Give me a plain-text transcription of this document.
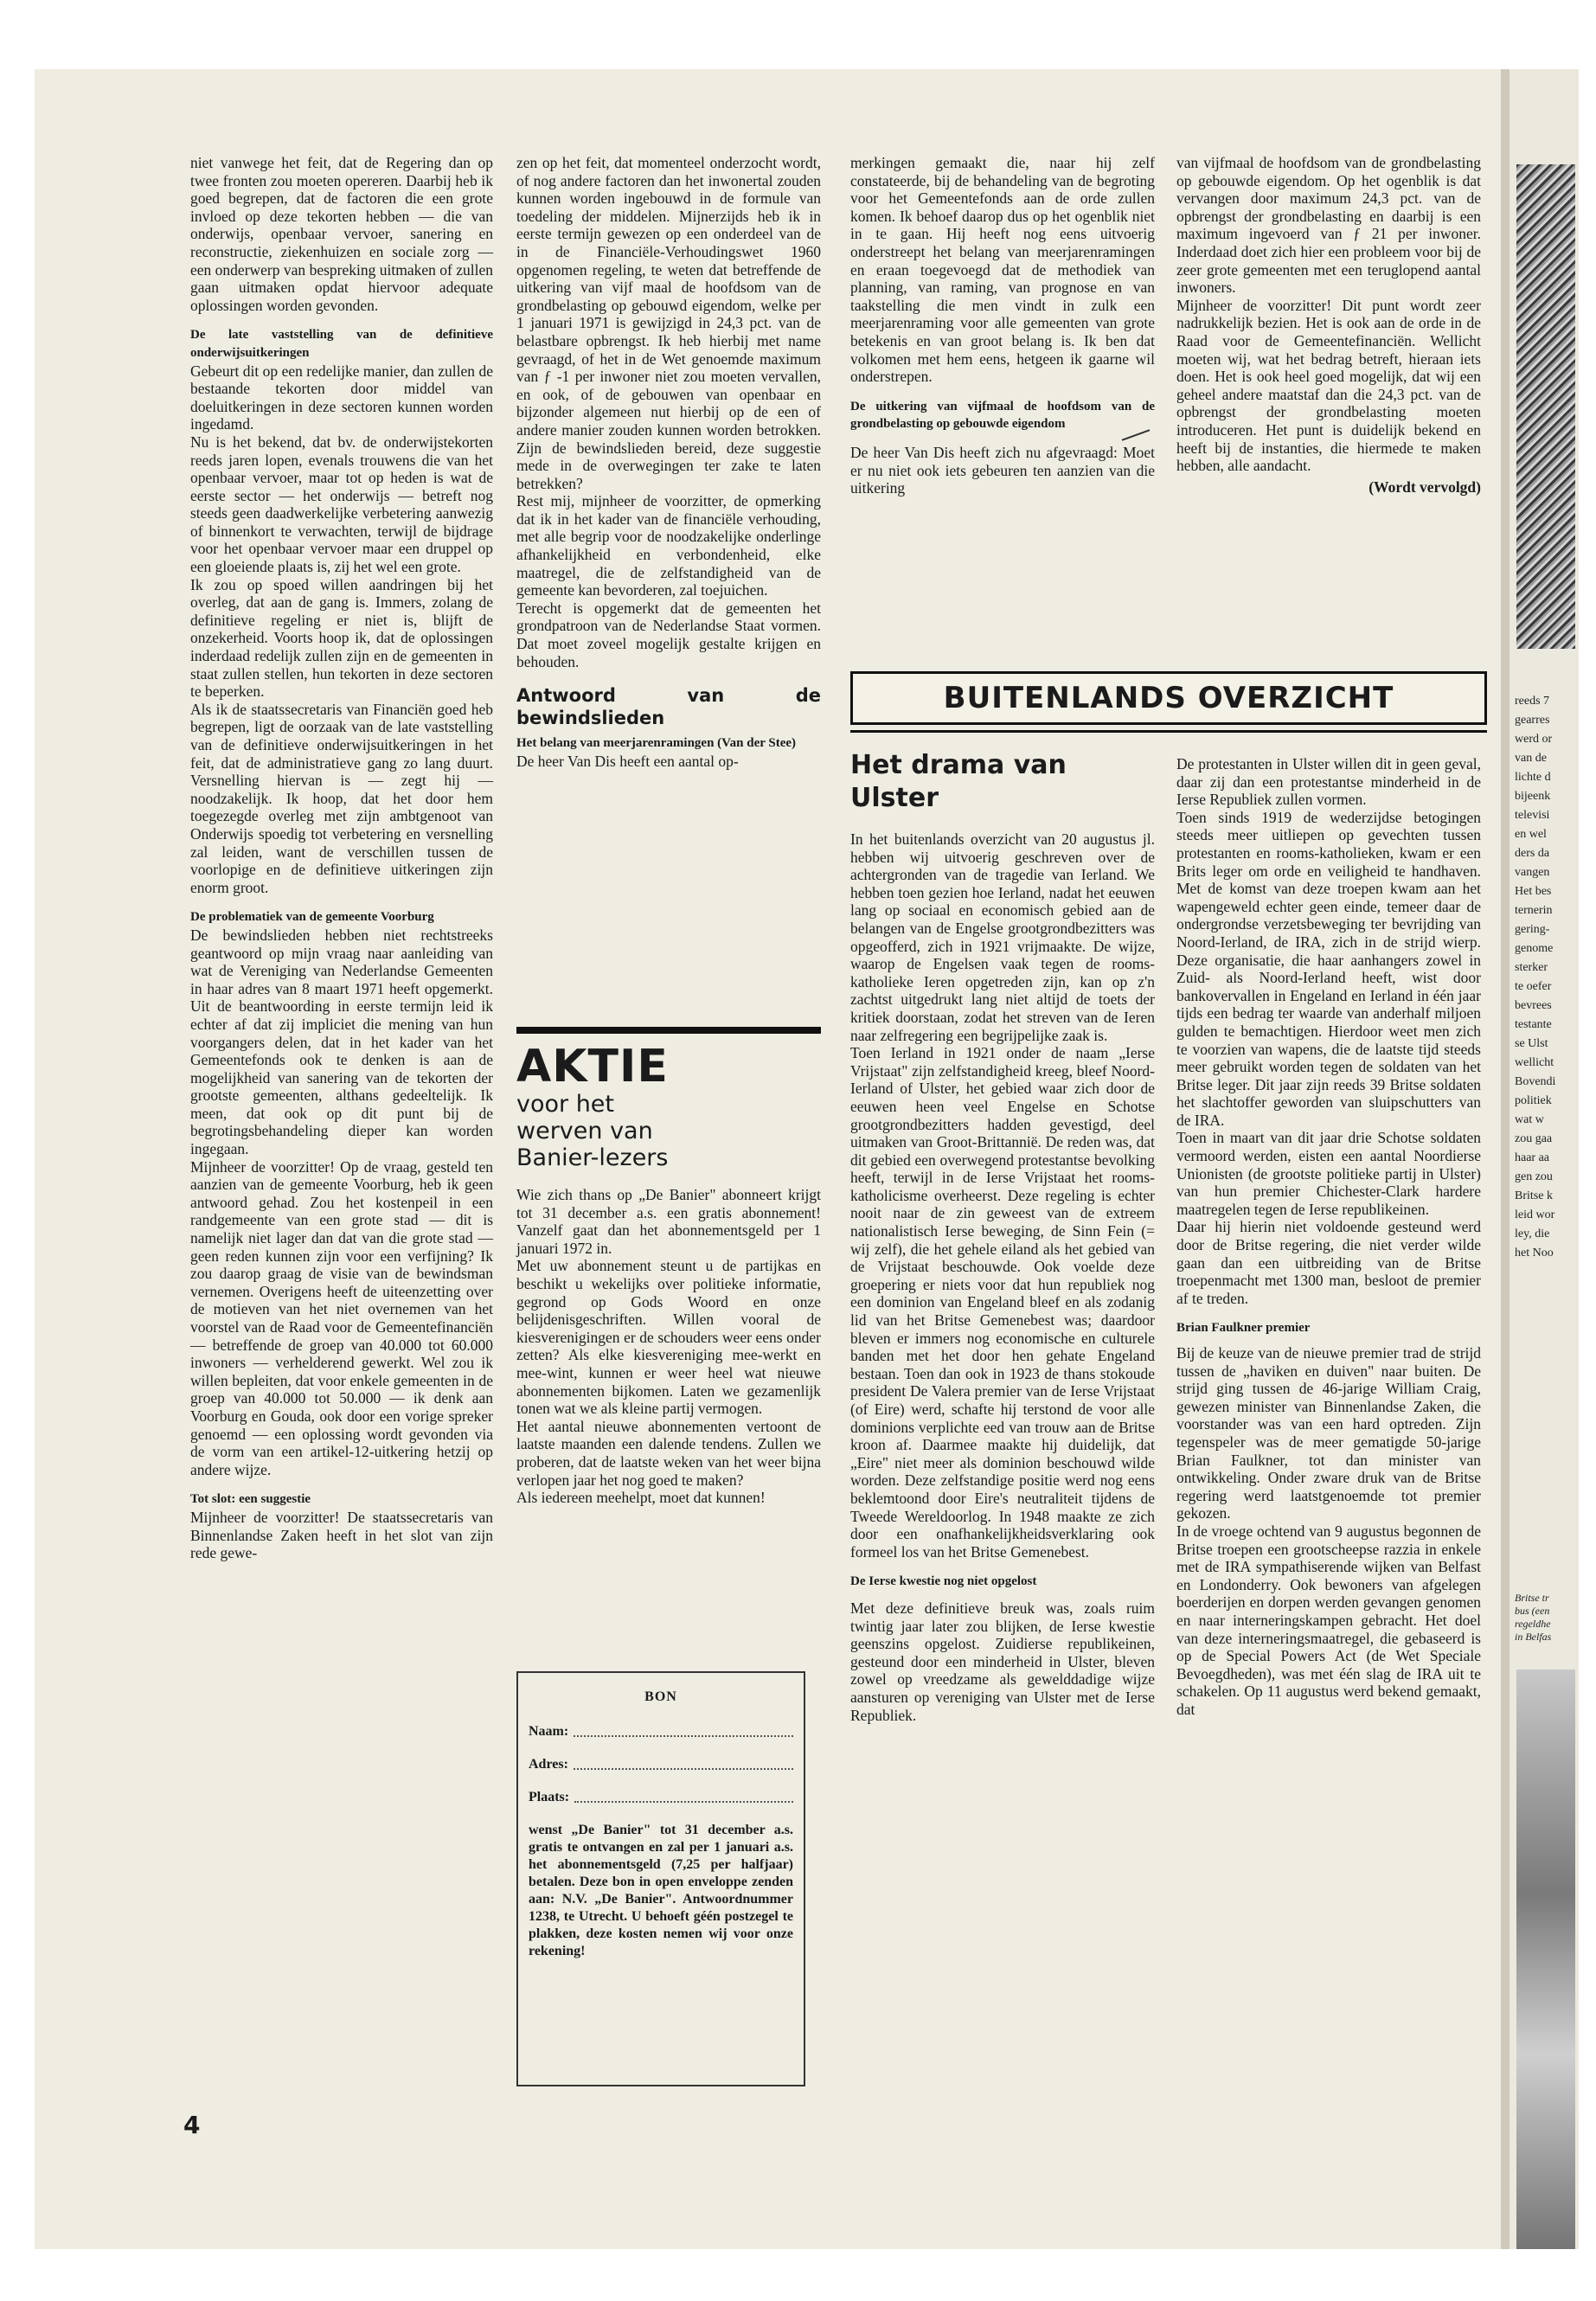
reeds 7
gearres
werd or
van de
lichte d
bijeenk
televisi
en wel
ders da
vangen
Het bes
ternerin
gering-
genome
sterker
te oefer
bevrees
testante
se Ulst
wellicht
Bovendi
politiek
wat w
zou gaa
haar aa
gen zou
Britse k
leid wor
ley, die
het Noo
Britse tr
bus (een
regeldhe
in Belfas

niet vanwege het feit, dat de Regering dan op twee fronten zou moeten opereren. Daarbij heb ik goed begrepen, dat de factoren die een grote invloed op deze tekorten hebben — die van onderwijs, openbaar vervoer, sanering en reconstructie, ziekenhuizen en sociale zorg — een onderwerp van bespreking uitmaken of zullen gaan uitmaken opdat hiervoor adequate oplossingen worden gevonden.

De late vaststelling van de definitieve onderwijsuitkeringen

Gebeurt dit op een redelijke manier, dan zullen de bestaande tekorten door middel van doeluitkeringen in deze sectoren kunnen worden ingedamd.

Nu is het bekend, dat bv. de onderwijstekorten reeds jaren lopen, evenals trouwens die van het openbaar vervoer, maar tot op heden is wat de eerste sector — het onderwijs — betreft nog steeds geen daadwerkelijke verbetering aanwezig of binnenkort te verwachten, terwijl de bijdrage voor het openbaar vervoer maar een druppel op een gloeiende plaats is, zij het wel een grote.

Ik zou op spoed willen aandringen bij het overleg, dat aan de gang is. Immers, zolang de definitieve regeling er niet is, blijft de onzekerheid. Voorts hoop ik, dat de oplossingen inderdaad redelijk zullen zijn en de gemeenten in staat zullen stellen, hun tekorten in deze sectoren te beperken.

Als ik de staatssecretaris van Financiën goed heb begrepen, ligt de oorzaak van de late vaststelling van de definitieve onderwijsuitkeringen in het feit, dat de administratieve gang zo lang duurt. Versnelling hiervan is — zegt hij — noodzakelijk. Ik hoop, dat het door hem toegezegde overleg met zijn ambtgenoot van Onderwijs spoedig tot verbetering en versnelling zal leiden, want de verschillen tussen de voorlopige en de definitieve uitkeringen zijn enorm groot.

De problematiek van de gemeente Voorburg

De bewindslieden hebben niet rechtstreeks geantwoord op mijn vraag naar aanleiding van wat de Vereniging van Nederlandse Gemeenten in haar adres van 8 maart 1971 heeft opgemerkt. Uit de beantwoording in eerste termijn leid ik echter af dat zij impliciet die mening van hun voorgangers delen, dat in het kader van het Gemeentefonds ook te denken is aan de mogelijkheid van sanering van de tekorten der grootste gemeenten, althans gedeeltelijk. Ik meen, dat ook op dit punt bij de begrotingsbehandeling dieper kan worden ingegaan.

Mijnheer de voorzitter! Op de vraag, gesteld ten aanzien van de gemeente Voorburg, heb ik geen antwoord gehad. Zou het kostenpeil in een randgemeente van een grote stad — dit is namelijk niet lager dan dat van die grote stad — geen reden kunnen zijn voor een verfijning? Ik zou daarop graag de visie van de bewindsman vernemen. Overigens heeft de uiteenzetting over de motieven van het niet overnemen van het voorstel van de Raad voor de Gemeentefinanciën — betreffende de groep van 40.000 tot 60.000 inwoners — verhelderend gewerkt. Wel zou ik willen bepleiten, dat voor enkele gemeenten in de groep van 40.000 tot 50.000 — ik denk aan Voorburg en Gouda, ook door een vorige spreker genoemd — een oplossing wordt gevonden via de vorm van een artikel-12-uitkering hetzij op andere wijze.

Tot slot: een suggestie

Mijnheer de voorzitter! De staatssecretaris van Binnenlandse Zaken heeft in het slot van zijn rede gewe-

zen op het feit, dat momenteel onderzocht wordt, of nog andere factoren dan het inwonertal zouden kunnen worden ingebouwd in de formule van toedeling der middelen. Mijnerzijds heb ik in eerste termijn gewezen op een onderdeel van de in de Financiële-Verhoudingswet 1960 opgenomen regeling, te weten dat betreffende de uitkering van vijf maal de hoofdsom van de grondbelasting op gebouwd eigendom, welke per 1 januari 1971 is gewijzigd in 24,3 pct. van de belastbare opbrengst. Ik heb hierbij met name gevraagd, of het in de Wet genoemde maximum van ƒ -1 per inwoner niet zou moeten vervallen, en ook, of de gebouwen van openbaar en bijzonder algemeen nut hierbij op de een of andere manier zouden kunnen worden betrokken. Zijn de bewindslieden bereid, deze suggestie mede in de overwegingen ter zake te laten betrekken?

Rest mij, mijnheer de voorzitter, de opmerking dat ik in het kader van de financiële verhouding, met alle begrip voor de noodzakelijke onderlinge afhankelijkheid en verbondenheid, elke maatregel, die de zelfstandigheid van de gemeente kan bevorderen, zal toejuichen.

Terecht is opgemerkt dat de gemeenten het grondpatroon van de Nederlandse Staat vormen. Dat moet zoveel mogelijk gestalte krijgen en behouden.

Antwoord van de bewindslieden
Het belang van meerjarenramingen (Van der Stee)

De heer Van Dis heeft een aantal op-

AKTIE
voor het
werven van
Banier-lezers

Wie zich thans op „De Banier" abonneert krijgt tot 31 december a.s. een gratis abonnement! Vanzelf gaat dan het abonnementsgeld per 1 januari 1972 in.

Met uw abonnement steunt u de partijkas en beschikt u wekelijks over politieke informatie, gegrond op Gods Woord en onze belijdenisgeschriften. Willen vooral de kiesverenigingen er de schouders weer eens onder zetten? Als elke kiesvereniging mee-werkt en mee-wint, kunnen er weer heel wat nieuwe abonnementen bijkomen. Laten we gezamenlijk tonen wat we als kleine partij vermogen.

Het aantal nieuwe abonnementen vertoont de laatste maanden een dalende tendens. Zullen we proberen, dat de laatste weken van het weer bijna verlopen jaar het nog goed te maken?

Als iedereen meehelpt, moet dat kunnen!

BON
Naam:
Adres:
Plaats:
wenst „De Banier" tot 31 december a.s. gratis te ontvangen en zal per 1 januari a.s. het abonnementsgeld (7,25 per halfjaar) betalen. Deze bon in open enveloppe zenden aan: N.V. „De Banier". Antwoordnummer 1238, te Utrecht. U behoeft géén postzegel te plakken, deze kosten nemen wij voor onze rekening!

merkingen gemaakt die, naar hij zelf constateerde, bij de behandeling van de begroting voor het Gemeentefonds aan de orde zullen komen. Ik behoef daarop dus op het ogenblik niet in te gaan. Hij heeft nog eens uitvoerig onderstreept het belang van meerjarenramingen en eraan toegevoegd dat de methodiek van planning, van raming, van prognose en van taakstelling die men vindt in zulk een meerjarenraming voor alle gemeenten van grote betekenis en van groot belang is. Ik ben dat volkomen met hem eens, hetgeen ik gaarne wil onderstrepen.

De uitkering van vijfmaal de hoofdsom van de grondbelasting op gebouwde eigendom

De heer Van Dis heeft zich nu afgevraagd: Moet er nu niet ook iets gebeuren ten aanzien van die uitkering

van vijfmaal de hoofdsom van de grondbelasting op gebouwde eigendom. Op het ogenblik is dat vervangen door maximum 24,3 pct. van de opbrengst der grondbelasting en daarbij is een maximum ingevoerd van ƒ 21 per inwoner. Inderdaad doet zich hier een probleem voor bij de zeer grote gemeenten met een teruglopend aantal inwoners.

Mijnheer de voorzitter! Dit punt wordt zeer nadrukkelijk bezien. Het is ook aan de orde in de Raad voor de Gemeentefinanciën. Wellicht moeten wij, wat het bedrag betreft, hieraan iets doen. Het is ook heel goed mogelijk, dat wij een geheel andere maatstaf dan die 24,3 pct. van de opbrengst der grondbelasting moeten introduceren. Het punt is duidelijk bekend en heeft bij de instanties, die hiermede te maken hebben, alle aandacht.

(Wordt vervolgd)
BUITENLANDS OVERZICHT
Het drama van
Ulster

In het buitenlands overzicht van 20 augustus jl. hebben wij uitvoerig geschreven over de achtergronden van de tragedie van Ierland. We hebben toen gezien hoe Ierland, nadat het eeuwen lang op sociaal en economisch gebied aan de belangen van de Engelse grootgrondbezitters was opgeofferd, zich in 1921 vrijmaakte. De wijze, waarop de Engelsen vaak tegen de rooms-katholieke Ieren opgetreden zijn, kan op z'n zachtst uitgedrukt lang niet altijd de toets der kritiek doorstaan, zodat het streven van de Ieren naar zelfregering een begrijpelijke zaak is.

Toen Ierland in 1921 onder de naam „Ierse Vrijstaat" zijn zelfstandigheid kreeg, bleef Noord-Ierland of Ulster, het gebied waar zich door de eeuwen heen veel Engelse en Schotse grootgrondbezitters hadden gevestigd, deel uitmaken van Groot-Brittannië. De reden was, dat dit gebied een overwegend protestantse bevolking heeft, terwijl in de Ierse Vrijstaat het rooms-katholicisme overheerst. Deze regeling is echter nooit naar de zin geweest van de extreem nationalistisch Ierse beweging, de Sinn Fein (= wij zelf), die het gehele eiland als het gebied van de Vrijstaat beschouwde. Ook voelde deze groepering er niets voor dat hun republiek nog een dominion van Engeland bleef en als zodanig lid van het Britse Gemenebest was; daardoor bleven er immers nog economische en culturele banden met het door hen gehate Engeland bestaan. Toen dan ook in 1923 de thans stokoude president De Valera premier van de Ierse Vrijstaat (of Eire) werd, schafte hij terstond de voor alle dominions verplichte eed van trouw aan de Britse kroon af. Daarmee maakte hij duidelijk, dat „Eire" niet meer als dominion beschouwd wilde worden. Deze zelfstandige positie werd nog eens beklemtoond door Eire's neutraliteit tijdens de Tweede Wereldoorlog. In 1948 maakte ze zich door een onafhankelijkheidsverklaring ook formeel los van het Britse Gemenebest.

De Ierse kwestie nog niet opgelost

Met deze definitieve breuk was, zoals ruim twintig jaar later zou blijken, de Ierse kwestie geenszins opgelost. Zuidierse republikeinen, gesteund door een minderheid in Ulster, bleven zowel op vreedzame als gewelddadige wijze aansturen op vereniging van Ulster met de Ierse Republiek.

De protestanten in Ulster willen dit in geen geval, daar zij dan een protestantse minderheid in de Ierse Republiek zullen vormen.

Toen sinds 1919 de wederzijdse betogingen steeds meer uitliepen op gevechten tussen protestanten en rooms-katholieken, kwam er een Brits leger om orde en veiligheid te handhaven. Met de komst van deze troepen kwam aan het wapengeweld echter geen einde, temeer daar de ondergrondse verzetsbeweging ter bevrijding van Noord-Ierland, de IRA, zich in de strijd wierp. Deze organisatie, die haar aanhangers zowel in Zuid- als Noord-Ierland heeft, wist door bankovervallen in Engeland en Ierland in één jaar tijds een bedrag ter waarde van anderhalf miljoen gulden te bemachtigen. Hierdoor weet men zich te voorzien van wapens, die de laatste tijd steeds meer gebruikt worden tegen de soldaten van het Britse leger. Dit jaar zijn reeds 39 Britse soldaten het slachtoffer geworden van sluipschutters van de IRA.

Toen in maart van dit jaar drie Schotse soldaten vermoord werden, eisten een aantal Noordierse Unionisten (de grootste politieke partij in Ulster) van hun premier Chichester-Clark hardere maatregelen tegen de Ierse republikeinen.

Daar hij hierin niet voldoende gesteund werd door de Britse regering, die niet verder wilde gaan dan een uitbreiding van de Britse troepenmacht met 1300 man, besloot de premier af te treden.

Brian Faulkner premier

Bij de keuze van de nieuwe premier trad de strijd tussen de „haviken en duiven" naar buiten. De strijd ging tussen de 46-jarige William Craig, gewezen minister van Binnenlandse Zaken, die voorstander was van een hard optreden. Zijn tegenspeler was de meer gematigde 50-jarige Brian Faulkner, tot dan minister van ontwikkeling. Onder zware druk van de Britse regering werd laatstgenoemde tot premier gekozen.

In de vroege ochtend van 9 augustus begonnen de Britse troepen een grootscheepse razzia in enkele met de IRA sympathiserende wijken van Belfast en Londonderry. Ook bewoners van afgelegen boerderijen en dorpen werden gevangen genomen en naar interneringskampen gebracht. Het doel van deze interneringsmaatregel, die gebaseerd is op de Special Powers Act (de Wet Speciale Bevoegdheden), was met één slag de IRA uit te schakelen. Op 11 augustus werd bekend gemaakt, dat

4
